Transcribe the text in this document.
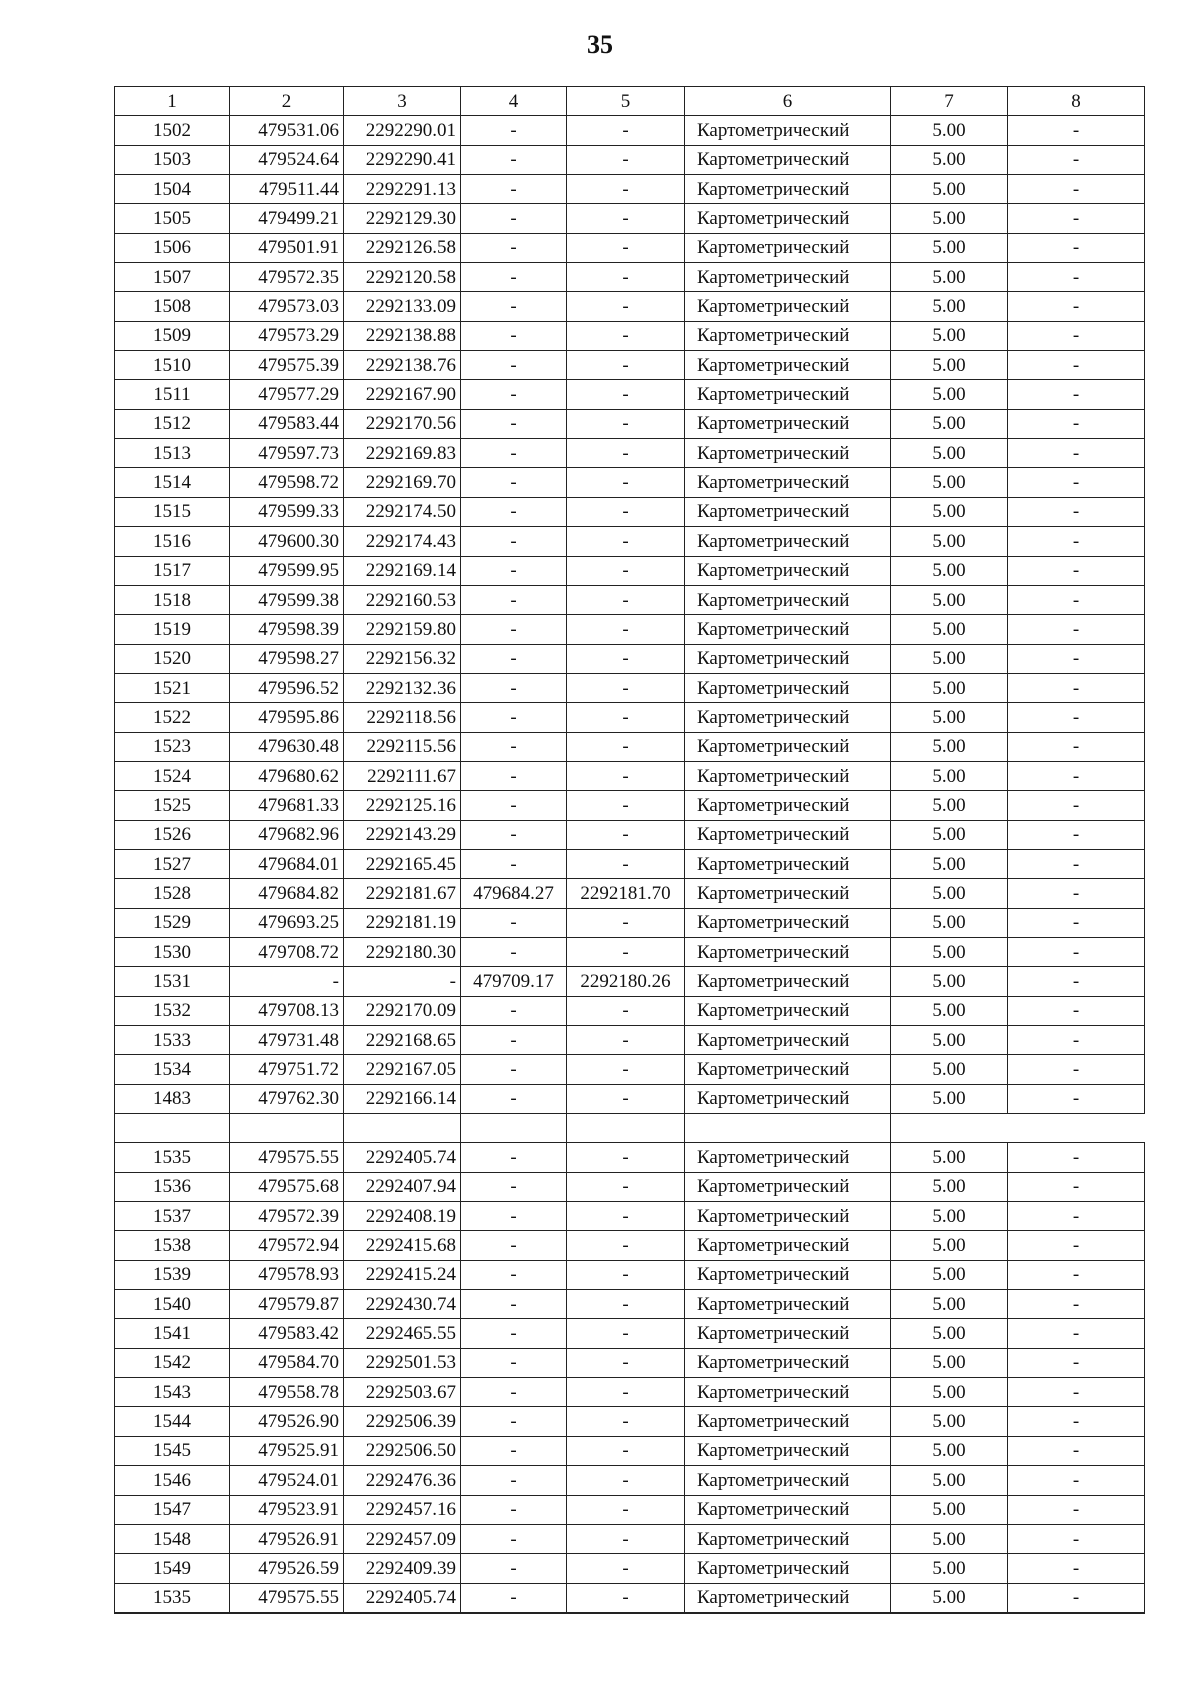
35
1	2	3	4	5	6	7	8
1502	479531.06	2292290.01	-	-	Картометрический	5.00	-
1503	479524.64	2292290.41	-	-	Картометрический	5.00	-
1504	479511.44	2292291.13	-	-	Картометрический	5.00	-
1505	479499.21	2292129.30	-	-	Картометрический	5.00	-
1506	479501.91	2292126.58	-	-	Картометрический	5.00	-
1507	479572.35	2292120.58	-	-	Картометрический	5.00	-
1508	479573.03	2292133.09	-	-	Картометрический	5.00	-
1509	479573.29	2292138.88	-	-	Картометрический	5.00	-
1510	479575.39	2292138.76	-	-	Картометрический	5.00	-
1511	479577.29	2292167.90	-	-	Картометрический	5.00	-
1512	479583.44	2292170.56	-	-	Картометрический	5.00	-
1513	479597.73	2292169.83	-	-	Картометрический	5.00	-
1514	479598.72	2292169.70	-	-	Картометрический	5.00	-
1515	479599.33	2292174.50	-	-	Картометрический	5.00	-
1516	479600.30	2292174.43	-	-	Картометрический	5.00	-
1517	479599.95	2292169.14	-	-	Картометрический	5.00	-
1518	479599.38	2292160.53	-	-	Картометрический	5.00	-
1519	479598.39	2292159.80	-	-	Картометрический	5.00	-
1520	479598.27	2292156.32	-	-	Картометрический	5.00	-
1521	479596.52	2292132.36	-	-	Картометрический	5.00	-
1522	479595.86	2292118.56	-	-	Картометрический	5.00	-
1523	479630.48	2292115.56	-	-	Картометрический	5.00	-
1524	479680.62	2292111.67	-	-	Картометрический	5.00	-
1525	479681.33	2292125.16	-	-	Картометрический	5.00	-
1526	479682.96	2292143.29	-	-	Картометрический	5.00	-
1527	479684.01	2292165.45	-	-	Картометрический	5.00	-
1528	479684.82	2292181.67	479684.27	2292181.70	Картометрический	5.00	-
1529	479693.25	2292181.19	-	-	Картометрический	5.00	-
1530	479708.72	2292180.30	-	-	Картометрический	5.00	-
1531	-	-	479709.17	2292180.26	Картометрический	5.00	-
1532	479708.13	2292170.09	-	-	Картометрический	5.00	-
1533	479731.48	2292168.65	-	-	Картометрический	5.00	-
1534	479751.72	2292167.05	-	-	Картометрический	5.00	-
1483	479762.30	2292166.14	-	-	Картометрический	5.00	-

1535	479575.55	2292405.74	-	-	Картометрический	5.00	-
1536	479575.68	2292407.94	-	-	Картометрический	5.00	-
1537	479572.39	2292408.19	-	-	Картометрический	5.00	-
1538	479572.94	2292415.68	-	-	Картометрический	5.00	-
1539	479578.93	2292415.24	-	-	Картометрический	5.00	-
1540	479579.87	2292430.74	-	-	Картометрический	5.00	-
1541	479583.42	2292465.55	-	-	Картометрический	5.00	-
1542	479584.70	2292501.53	-	-	Картометрический	5.00	-
1543	479558.78	2292503.67	-	-	Картометрический	5.00	-
1544	479526.90	2292506.39	-	-	Картометрический	5.00	-
1545	479525.91	2292506.50	-	-	Картометрический	5.00	-
1546	479524.01	2292476.36	-	-	Картометрический	5.00	-
1547	479523.91	2292457.16	-	-	Картометрический	5.00	-
1548	479526.91	2292457.09	-	-	Картометрический	5.00	-
1549	479526.59	2292409.39	-	-	Картометрический	5.00	-
1535	479575.55	2292405.74	-	-	Картометрический	5.00	-
